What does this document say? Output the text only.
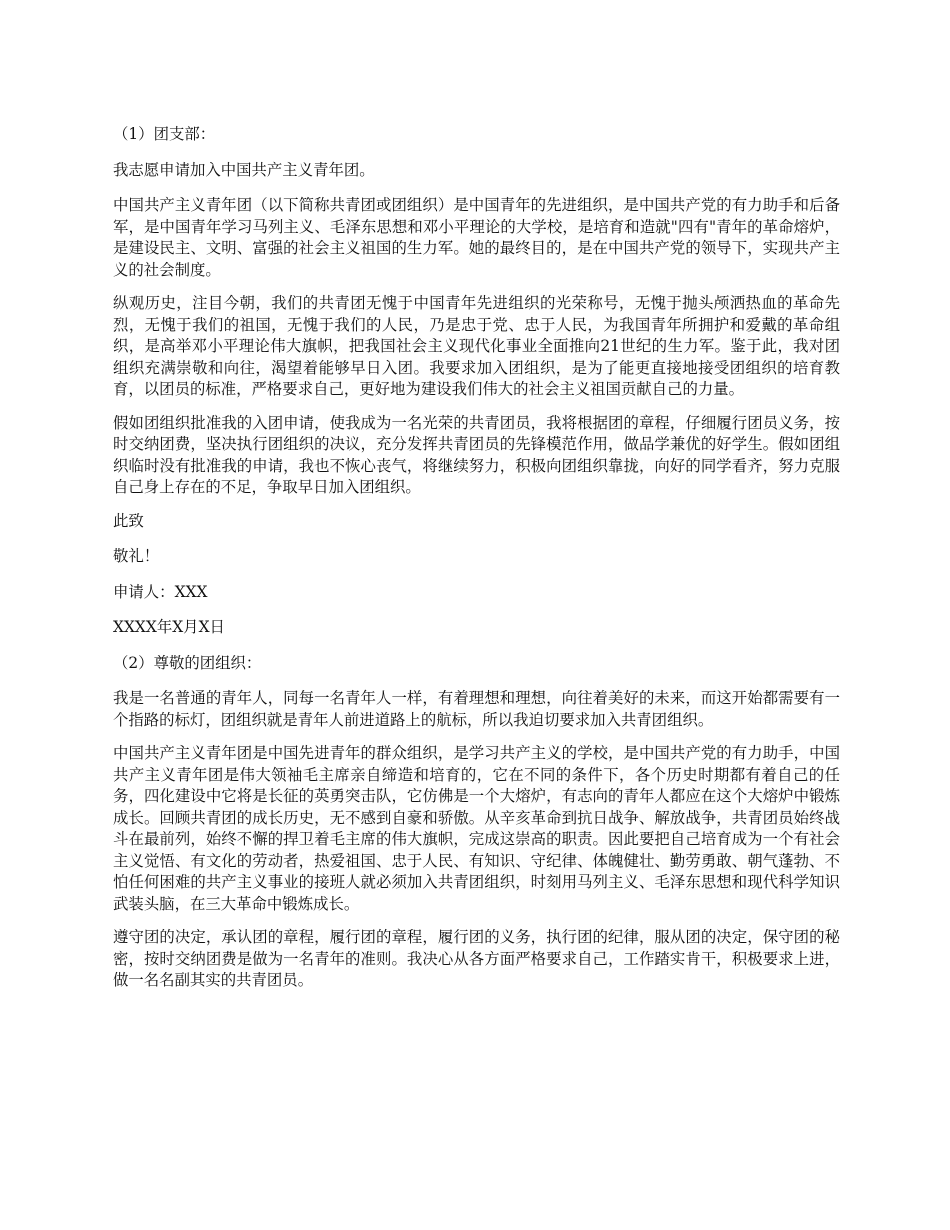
（1）团支部：

我志愿申请加入中国共产主义青年团。

中国共产主义青年团（以下简称共青团或团组织）是中国青年的先进组织，是中国共产党的有力助手和后备军，是中国青年学习马列主义、毛泽东思想和邓小平理论的大学校，是培育和造就"四有"青年的革命熔炉，是建设民主、文明、富强的社会主义祖国的生力军。她的最终目的，是在中国共产党的领导下，实现共产主义的社会制度。

纵观历史，注目今朝，我们的共青团无愧于中国青年先进组织的光荣称号，无愧于抛头颅洒热血的革命先烈，无愧于我们的祖国，无愧于我们的人民，乃是忠于党、忠于人民，为我国青年所拥护和爱戴的革命组织，是高举邓小平理论伟大旗帜，把我国社会主义现代化事业全面推向21世纪的生力军。鉴于此，我对团组织充满崇敬和向往，渴望着能够早日入团。我要求加入团组织，是为了能更直接地接受团组织的培育教育，以团员的标准，严格要求自己，更好地为建设我们伟大的社会主义祖国贡献自己的力量。

假如团组织批准我的入团申请，使我成为一名光荣的共青团员，我将根据团的章程，仔细履行团员义务，按时交纳团费，坚决执行团组织的决议，充分发挥共青团员的先锋模范作用，做品学兼优的好学生。假如团组织临时没有批准我的申请，我也不恢心丧气，将继续努力，积极向团组织靠拢，向好的同学看齐，努力克服自己身上存在的不足，争取早日加入团组织。

此致

敬礼！

申请人：XXX

XXXX年X月X日

（2）尊敬的团组织：

我是一名普通的青年人，同每一名青年人一样，有着理想和理想，向往着美好的未来，而这开始都需要有一个指路的标灯，团组织就是青年人前进道路上的航标，所以我迫切要求加入共青团组织。

中国共产主义青年团是中国先进青年的群众组织，是学习共产主义的学校，是中国共产党的有力助手，中国共产主义青年团是伟大领袖毛主席亲自缔造和培育的，它在不同的条件下，各个历史时期都有着自己的任务，四化建设中它将是长征的英勇突击队，它仿佛是一个大熔炉，有志向的青年人都应在这个大熔炉中锻炼成长。回顾共青团的成长历史，无不感到自豪和骄傲。从辛亥革命到抗日战争、解放战争，共青团员始终战斗在最前列，始终不懈的捍卫着毛主席的伟大旗帜，完成这崇高的职责。因此要把自己培育成为一个有社会主义觉悟、有文化的劳动者，热爱祖国、忠于人民、有知识、守纪律、体魄健壮、勤劳勇敢、朝气蓬勃、不怕任何困难的共产主义事业的接班人就必须加入共青团组织，时刻用马列主义、毛泽东思想和现代科学知识武装头脑，在三大革命中锻炼成长。

遵守团的决定，承认团的章程，履行团的章程，履行团的义务，执行团的纪律，服从团的决定，保守团的秘密，按时交纳团费是做为一名青年的准则。我决心从各方面严格要求自己，工作踏实肯干，积极要求上进，做一名名副其实的共青团员。
